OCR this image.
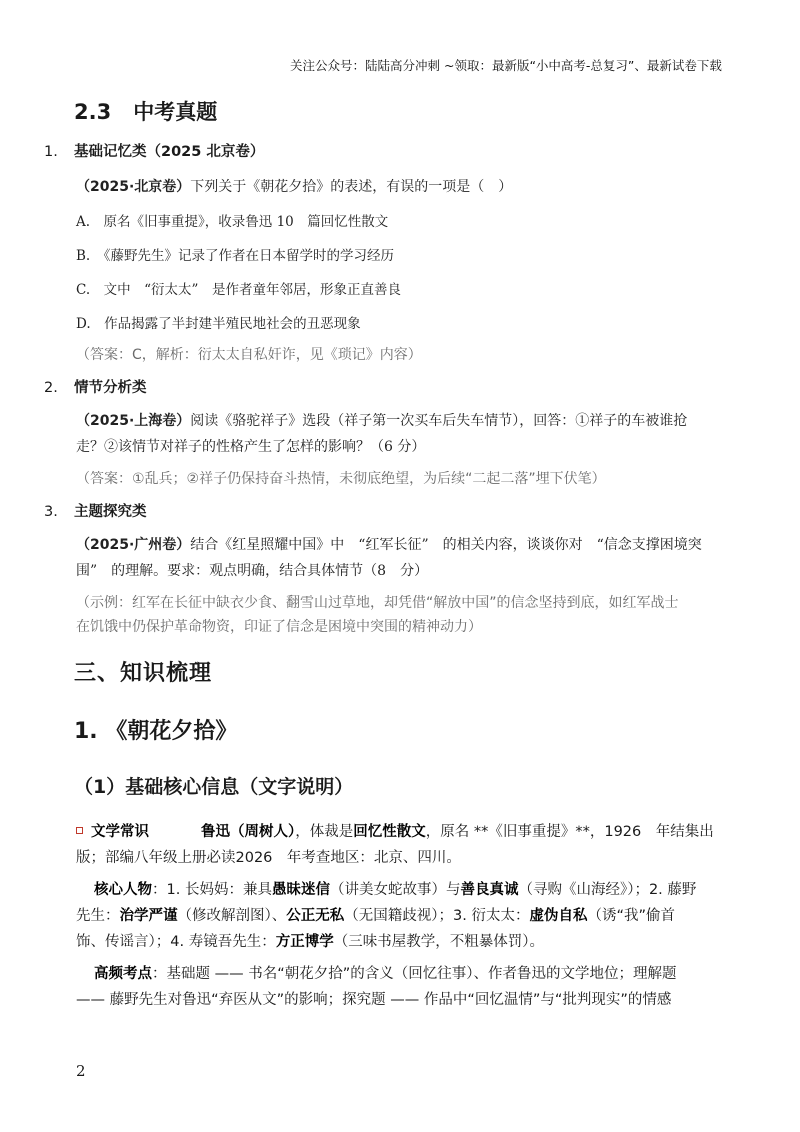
关注公众号：陆陆高分冲刺 ~领取：最新版“小中高考-总复习”、最新试卷下载
2.3 中考真题
1. 基础记忆类（2025 北京卷）
（2025·北京卷）下列关于《朝花夕拾》的表述，有误的一项是（　）
A.　原名《旧事重提》，收录鲁迅 10　篇回忆性散文
B.　《藤野先生》记录了作者在日本留学时的学习经历
C.　文中　“衍太太”　是作者童年邻居，形象正直善良
D.　作品揭露了半封建半殖民地社会的丑恶现象
（答案：C，解析：衍太太自私奸诈，见《琐记》内容）
2. 情节分析类
（2025·上海卷）阅读《骆驼祥子》选段（祥子第一次买车后失车情节），回答：①祥子的车被谁抢
走？②该情节对祥子的性格产生了怎样的影响？（6 分）
（答案：①乱兵；②祥子仍保持奋斗热情，未彻底绝望，为后续“二起二落”埋下伏笔）
3. 主题探究类
（2025·广州卷）结合《红星照耀中国》中　“红军长征”　的相关内容，谈谈你对　“信念支撑困境突
围”　的理解。要求：观点明确，结合具体情节（8　分）
（示例：红军在长征中缺衣少食、翻雪山过草地，却凭借“解放中国”的信念坚持到底，如红军战士
在饥饿中仍保护革命物资，印证了信念是困境中突围的精神动力）
三、知识梳理
1. 《朝花夕拾》
（1）基础核心信息（文字说明）
文学常识	鲁迅（周树人），体裁是回忆性散文，原名 **《旧事重提》**，1926　年结集出
版；部编八年级上册必读2026　年考查地区：北京、四川。
核心人物：1. 长妈妈：兼具愚昧迷信（讲美女蛇故事）与善良真诚（寻购《山海经》）；2. 藤野
先生：治学严谨（修改解剖图）、公正无私（无国籍歧视）；3. 衍太太：虚伪自私（诱“我”偷首
饰、传谣言）；4. 寿镜吾先生：方正博学（三味书屋教学，不粗暴体罚）。
高频考点：基础题 —— 书名“朝花夕拾”的含义（回忆往事）、作者鲁迅的文学地位；理解题
—— 藤野先生对鲁迅“弃医从文”的影响；探究题 —— 作品中“回忆温情”与“批判现实”的情感
2
